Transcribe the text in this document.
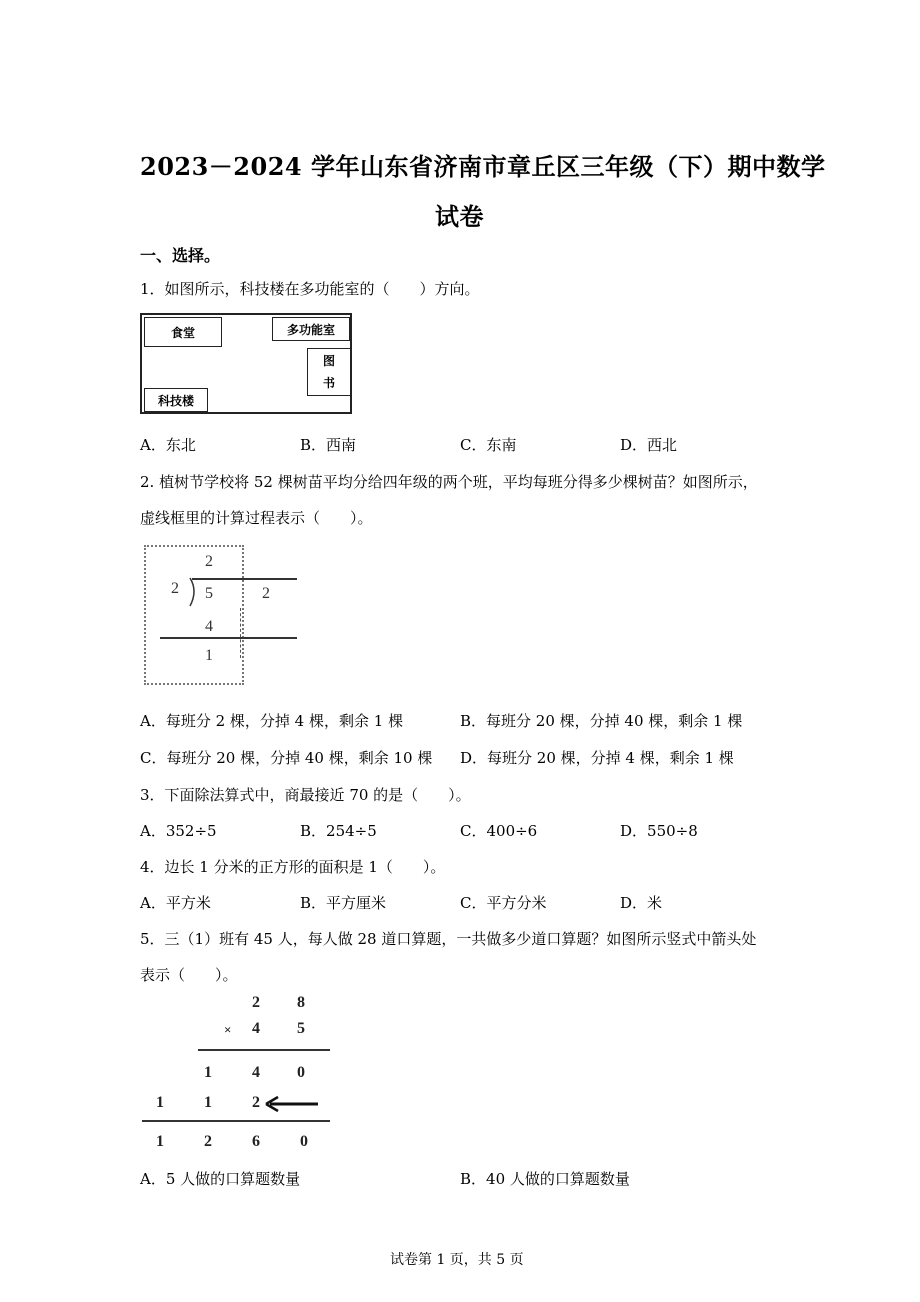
2023－2024 学年山东省济南市章丘区三年级（下）期中数学
试卷
一、选择。
1．如图所示，科技楼在多功能室的（　　）方向。
食堂	多功能室
图
书
科技楼
A．东北	B．西南	C．东南	D．西北
2. 植树节学校将 52 棵树苗平均分给四年级的两个班，平均每班分得多少棵树苗？如图所示，
虚线框里的计算过程表示（　　）。
2
2 5	2
4
1
A．每班分 2 棵，分掉 4 棵，剩余 1 棵	B．每班分 20 棵，分掉 40 棵，剩余 1 棵
C．每班分 20 棵，分掉 40 棵，剩余 10 棵 D．每班分 20 棵，分掉 4 棵，剩余 1 棵
3．下面除法算式中，商最接近 70 的是（　　）。
A．352÷5	B．254÷5	C．400÷6	D．550÷8
4．边长 1 分米的正方形的面积是 1（　　）。
A．平方米	B．平方厘米	C．平方分米	D．米
5．三（1）班有 45 人，每人做 28 道口算题，一共做多少道口算题？如图所示竖式中箭头处
表示（　　）。
2 8
× 4 5
1	4 0
1	1	2
1	2	6	0
A．5 人做的口算题数量	B．40 人做的口算题数量
试卷第 1 页，共 5 页
